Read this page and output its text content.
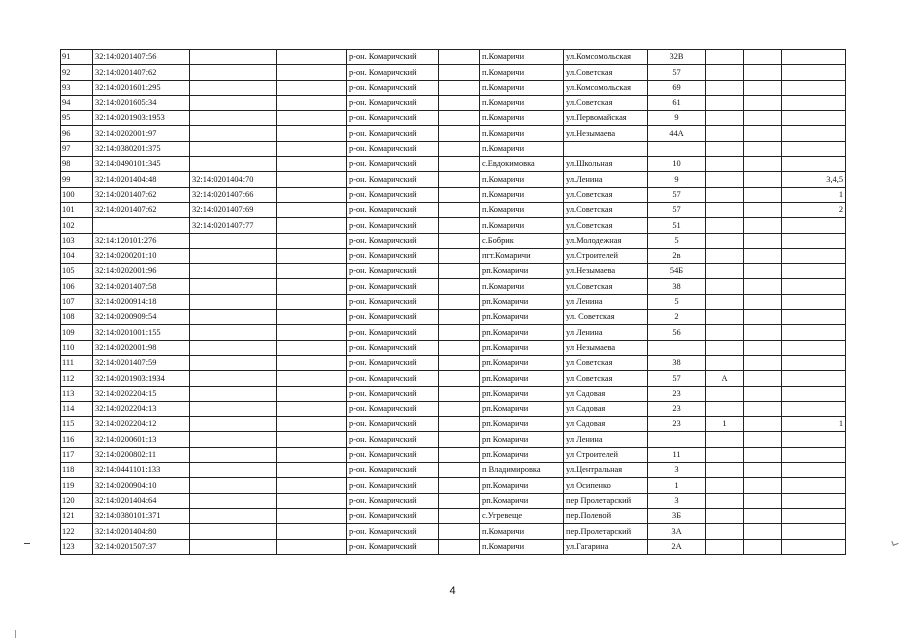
91	32:14:0201407:56			р-он. Комаричский		п.Комаричи	ул.Комсомольская	32В			
92	32:14:0201407:62			р-он. Комаричский		п.Комаричи	ул.Советская	57			
93	32:14:0201601:295			р-он. Комаричский		п.Комаричи	ул.Комсомольская	69			
94	32:14:0201605:34			р-он. Комаричский		п.Комаричи	ул.Советская	61			
95	32:14:0201903:1953			р-он. Комаричский		п.Комаричи	ул.Первомайская	9			
96	32:14:0202001:97			р-он. Комаричский		п.Комаричи	ул.Незымаева	44А			
97	32:14:0380201:375			р-он. Комаричский		п.Комаричи					
98	32:14:0490101:345			р-он. Комаричский		с.Евдокимовка	ул.Школьная	10			
99	32:14:0201404:48	32:14:0201404:70		р-он. Комаричский		п.Комаричи	ул.Ленина	9			3,4,5
100	32:14:0201407:62	32:14:0201407:66		р-он. Комаричский		п.Комаричи	ул.Советская	57			1
101	32:14:0201407:62	32:14:0201407:69		р-он. Комаричский		п.Комаричи	ул.Советская	57			2
102		32:14:0201407:77		р-он. Комаричский		п.Комаричи	ул.Советская	51			
103	32:14:120101:276			р-он. Комаричский		с.Бобрик	ул.Молодежная	5			
104	32:14:0200201:10			р-он. Комаричский		пгт.Комаричи	ул.Строителей	2в			
105	32:14:0202001:96			р-он. Комаричский		рп.Комаричи	ул.Незымаева	54Б			
106	32:14:0201407:58			р-он. Комаричский		п.Комаричи	ул.Советская	38			
107	32:14:0200914:18			р-он. Комаричский		рп.Комаричи	ул Ленина	5			
108	32:14:0200909:54			р-он. Комаричский		рп.Комаричи	ул. Советская	2			
109	32:14:0201001:155			р-он. Комаричский		рп.Комаричи	ул Ленина	56			
110	32:14:0202001:98			р-он. Комаричский		рп.Комаричи	ул Незымаева				
111	32:14:0201407:59			р-он. Комаричский		рп.Комаричи	ул Советская	38			
112	32:14:0201903:1934			р-он. Комаричский		рп.Комаричи	ул Советская	57	А		
113	32:14:0202204:15			р-он. Комаричский		рп.Комаричи	ул Садовая	23			
114	32:14:0202204:13			р-он. Комаричский		рп.Комаричи	ул Садовая	23			
115	32:14:0202204:12			р-он. Комаричский		рп.Комаричи	ул Садовая	23	1		1
116	32:14:0200601:13			р-он. Комаричский		рп Комаричи	ул Ленина				
117	32:14:0200802:11			р-он. Комаричский		рп.Комаричи	ул Строителей	11			
118	32:14:0441101:133			р-он. Комаричский		п Владимировка	ул.Центральная	3			
119	32:14:0200904:10			р-он. Комаричский		рп.Комаричи	ул Осипенко	1			
120	32:14:0201404:64			р-он. Комаричский		рп.Комаричи	пер Пролетарский	3			
121	32:14:0380101:371			р-он. Комаричский		с.Угревеще	пер.Полевой	3Б			
122	32:14:0201404:80			р-он. Комаричский		п.Комаричи	пер.Пролетарский	3А			
123	32:14:0201507:37			р-он. Комаричский		п.Комаричи	ул.Гагарина	2А			
4
